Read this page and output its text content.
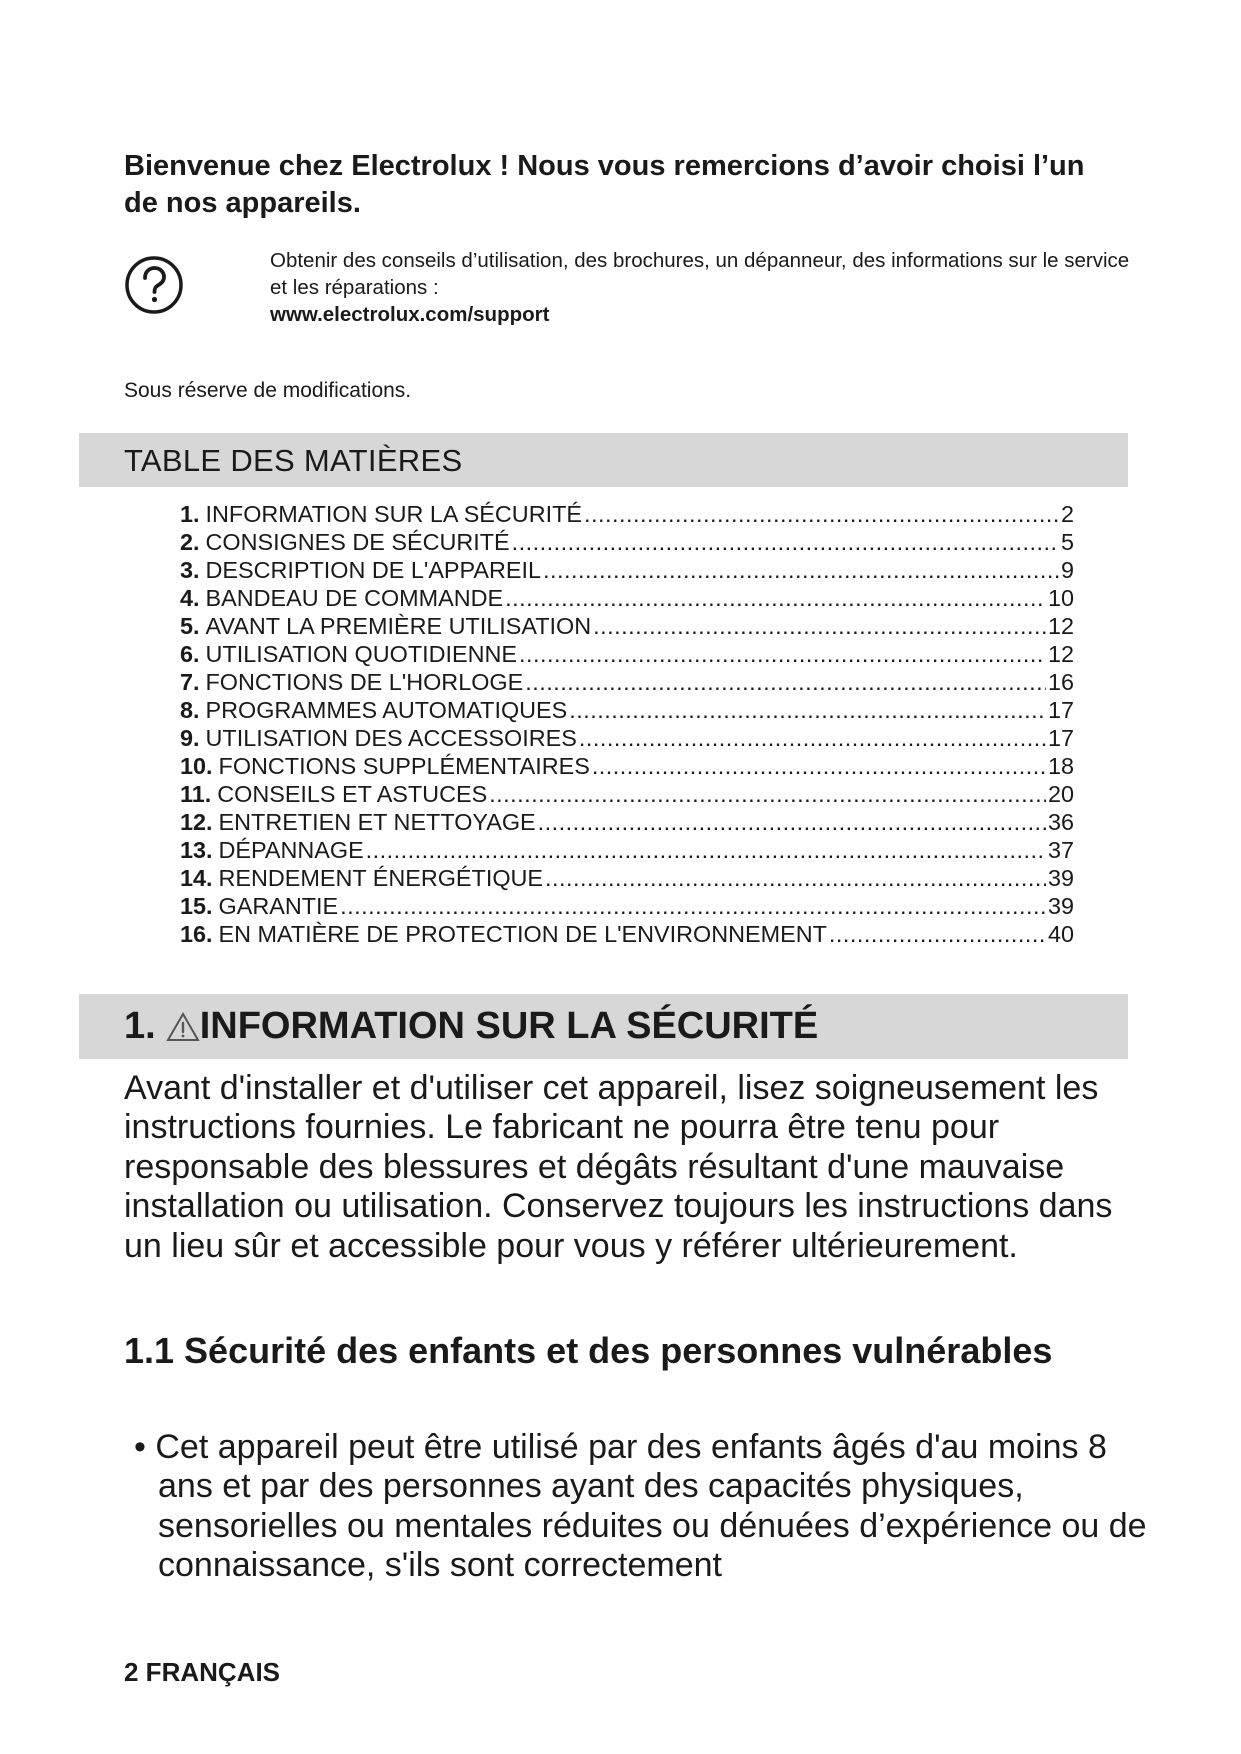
Bienvenue chez Electrolux ! Nous vous remercions d’avoir choisi l’un de nos appareils.
Obtenir des conseils d’utilisation, des brochures, un dépanneur, des informations sur le service et les réparations :
www.electrolux.com/support
Sous réserve de modifications.
TABLE DES MATIÈRES
1. INFORMATION SUR LA SÉCURITÉ .....	2
2. CONSIGNES DE SÉCURITÉ .....	5
3. DESCRIPTION DE L'APPAREIL .....	9
4. BANDEAU DE COMMANDE .....	10
5. AVANT LA PREMIÈRE UTILISATION .....	12
6. UTILISATION QUOTIDIENNE .....	12
7. FONCTIONS DE L'HORLOGE .....	16
8. PROGRAMMES AUTOMATIQUES .....	17
9. UTILISATION DES ACCESSOIRES .....	17
10. FONCTIONS SUPPLÉMENTAIRES .....	18
11. CONSEILS ET ASTUCES .....	20
12. ENTRETIEN ET NETTOYAGE .....	36
13. DÉPANNAGE .....	37
14. RENDEMENT ÉNERGÉTIQUE .....	39
15. GARANTIE .....	39
16. EN MATIÈRE DE PROTECTION DE L'ENVIRONNEMENT .....	40
1. INFORMATION SUR LA SÉCURITÉ

Avant d'installer et d'utiliser cet appareil, lisez soigneusement les instructions fournies. Le fabricant ne pourra être tenu pour responsable des blessures et dégâts résultant d'une mauvaise installation ou utilisation. Conservez toujours les instructions dans un lieu sûr et accessible pour vous y référer ultérieurement.

1.1 Sécurité des enfants et des personnes vulnérables

• Cet appareil peut être utilisé par des enfants âgés d'au moins 8 ans et par des personnes ayant des capacités physiques, sensorielles ou mentales réduites ou dénuées d’expérience ou de connaissance, s'ils sont correctement

2 FRANÇAIS
